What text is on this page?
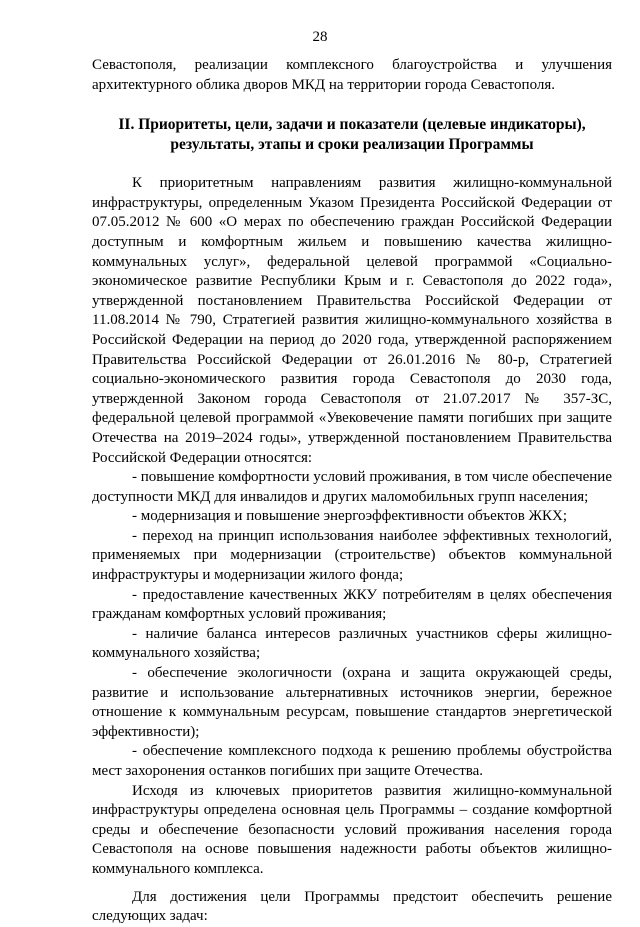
28

Севастополя, реализации комплексного благоустройства и улучшения архитектурного облика дворов МКД на территории города Севастополя.

II. Приоритеты, цели, задачи и показатели (целевые индикаторы),
результаты, этапы и сроки реализации Программы

К приоритетным направлениям развития жилищно-коммунальной инфраструктуры, определенным Указом Президента Российской Федерации от 07.05.2012 № 600 «О мерах по обеспечению граждан Российской Федерации доступным и комфортным жильем и повышению качества жилищно-коммунальных услуг», федеральной целевой программой «Социально-экономическое развитие Республики Крым и г. Севастополя до 2022 года», утвержденной постановлением Правительства Российской Федерации от 11.08.2014 № 790, Стратегией развития жилищно-коммунального хозяйства в Российской Федерации на период до 2020 года, утвержденной распоряжением Правительства Российской Федерации от 26.01.2016 № 80-р, Стратегией социально-экономического развития города Севастополя до 2030 года, утвержденной Законом города Севастополя от 21.07.2017 № 357-ЗС, федеральной целевой программой «Увековечение памяти погибших при защите Отечества на 2019–2024 годы», утвержденной постановлением Правительства Российской Федерации относятся:

- повышение комфортности условий проживания, в том числе обеспечение доступности МКД для инвалидов и других маломобильных групп населения;

- модернизация и повышение энергоэффективности объектов ЖКХ;

- переход на принцип использования наиболее эффективных технологий, применяемых при модернизации (строительстве) объектов коммунальной инфраструктуры и модернизации жилого фонда;

- предоставление качественных ЖКУ потребителям в целях обеспечения гражданам комфортных условий проживания;

- наличие баланса интересов различных участников сферы жилищно-коммунального хозяйства;

- обеспечение экологичности (охрана и защита окружающей среды, развитие и использование альтернативных источников энергии, бережное отношение к коммунальным ресурсам, повышение стандартов энергетической эффективности);

- обеспечение комплексного подхода к решению проблемы обустройства мест захоронения останков погибших при защите Отечества.

Исходя из ключевых приоритетов развития жилищно-коммунальной инфраструктуры определена основная цель Программы – создание комфортной среды и обеспечение безопасности условий проживания населения города Севастополя на основе повышения надежности работы объектов жилищно-коммунального комплекса.

Для достижения цели Программы предстоит обеспечить решение следующих задач:
